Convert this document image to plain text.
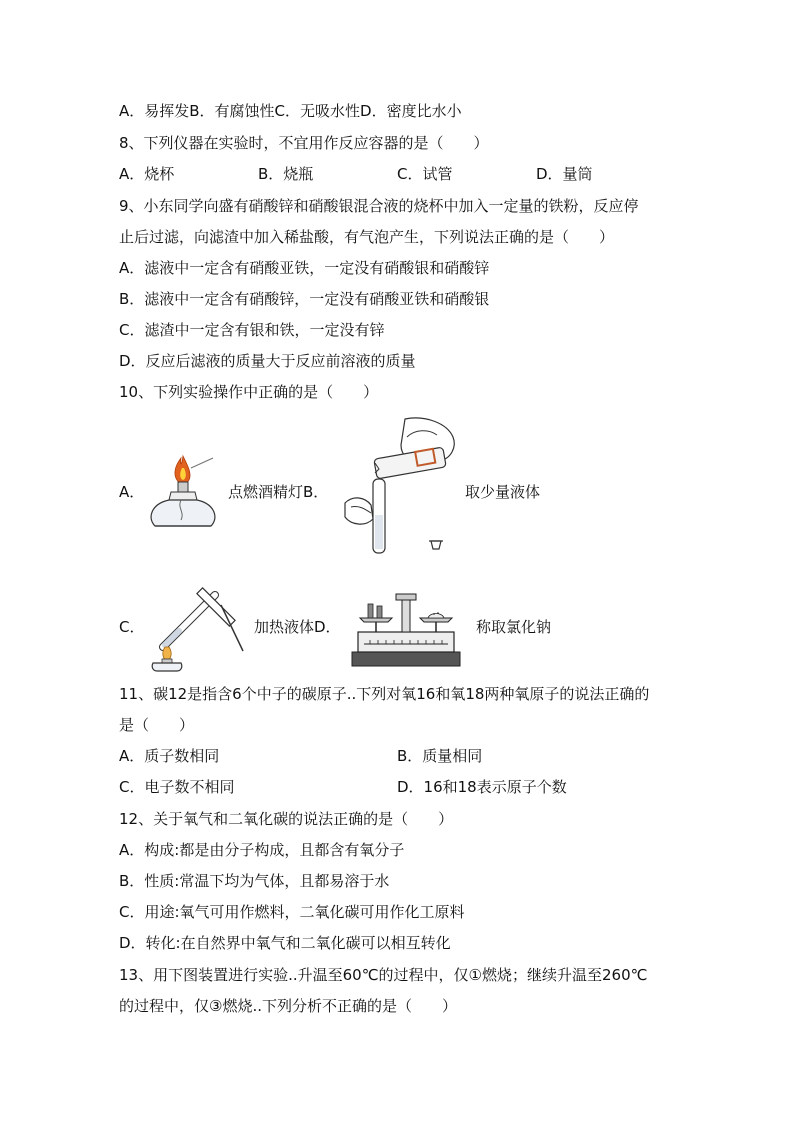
A．易挥发B．有腐蚀性C．无吸水性D．密度比水小
8、下列仪器在实验时，不宜用作反应容器的是（　　）
A．烧杯	B．烧瓶	C．试管	D．量筒
9、小东同学向盛有硝酸锌和硝酸银混合液的烧杯中加入一定量的铁粉，反应停
止后过滤，向滤渣中加入稀盐酸，有气泡产生，下列说法正确的是（　　）
A．滤液中一定含有硝酸亚铁，一定没有硝酸银和硝酸锌
B．滤液中一定含有硝酸锌，一定没有硝酸亚铁和硝酸银
C．滤渣中一定含有银和铁，一定没有锌
D．反应后滤液的质量大于反应前溶液的质量
10、下列实验操作中正确的是（　　）
A．	点燃酒精灯B．	取少量液体
C．	加热液体D．	称取氯化钠
11、碳12是指含6个中子的碳原子..下列对氧16和氧18两种氧原子的说法正确的
是（　　）
A．质子数相同	B．质量相同
C．电子数不相同	D．16和18表示原子个数
12、关于氧气和二氧化碳的说法正确的是（　　）
A．构成:都是由分子构成，且都含有氧分子
B．性质:常温下均为气体，且都易溶于水
C．用途:氧气可用作燃料，二氧化碳可用作化工原料
D．转化:在自然界中氧气和二氧化碳可以相互转化
13、用下图装置进行实验..升温至60℃的过程中，仅①燃烧；继续升温至260℃
的过程中，仅③燃烧..下列分析不正确的是（　　）
